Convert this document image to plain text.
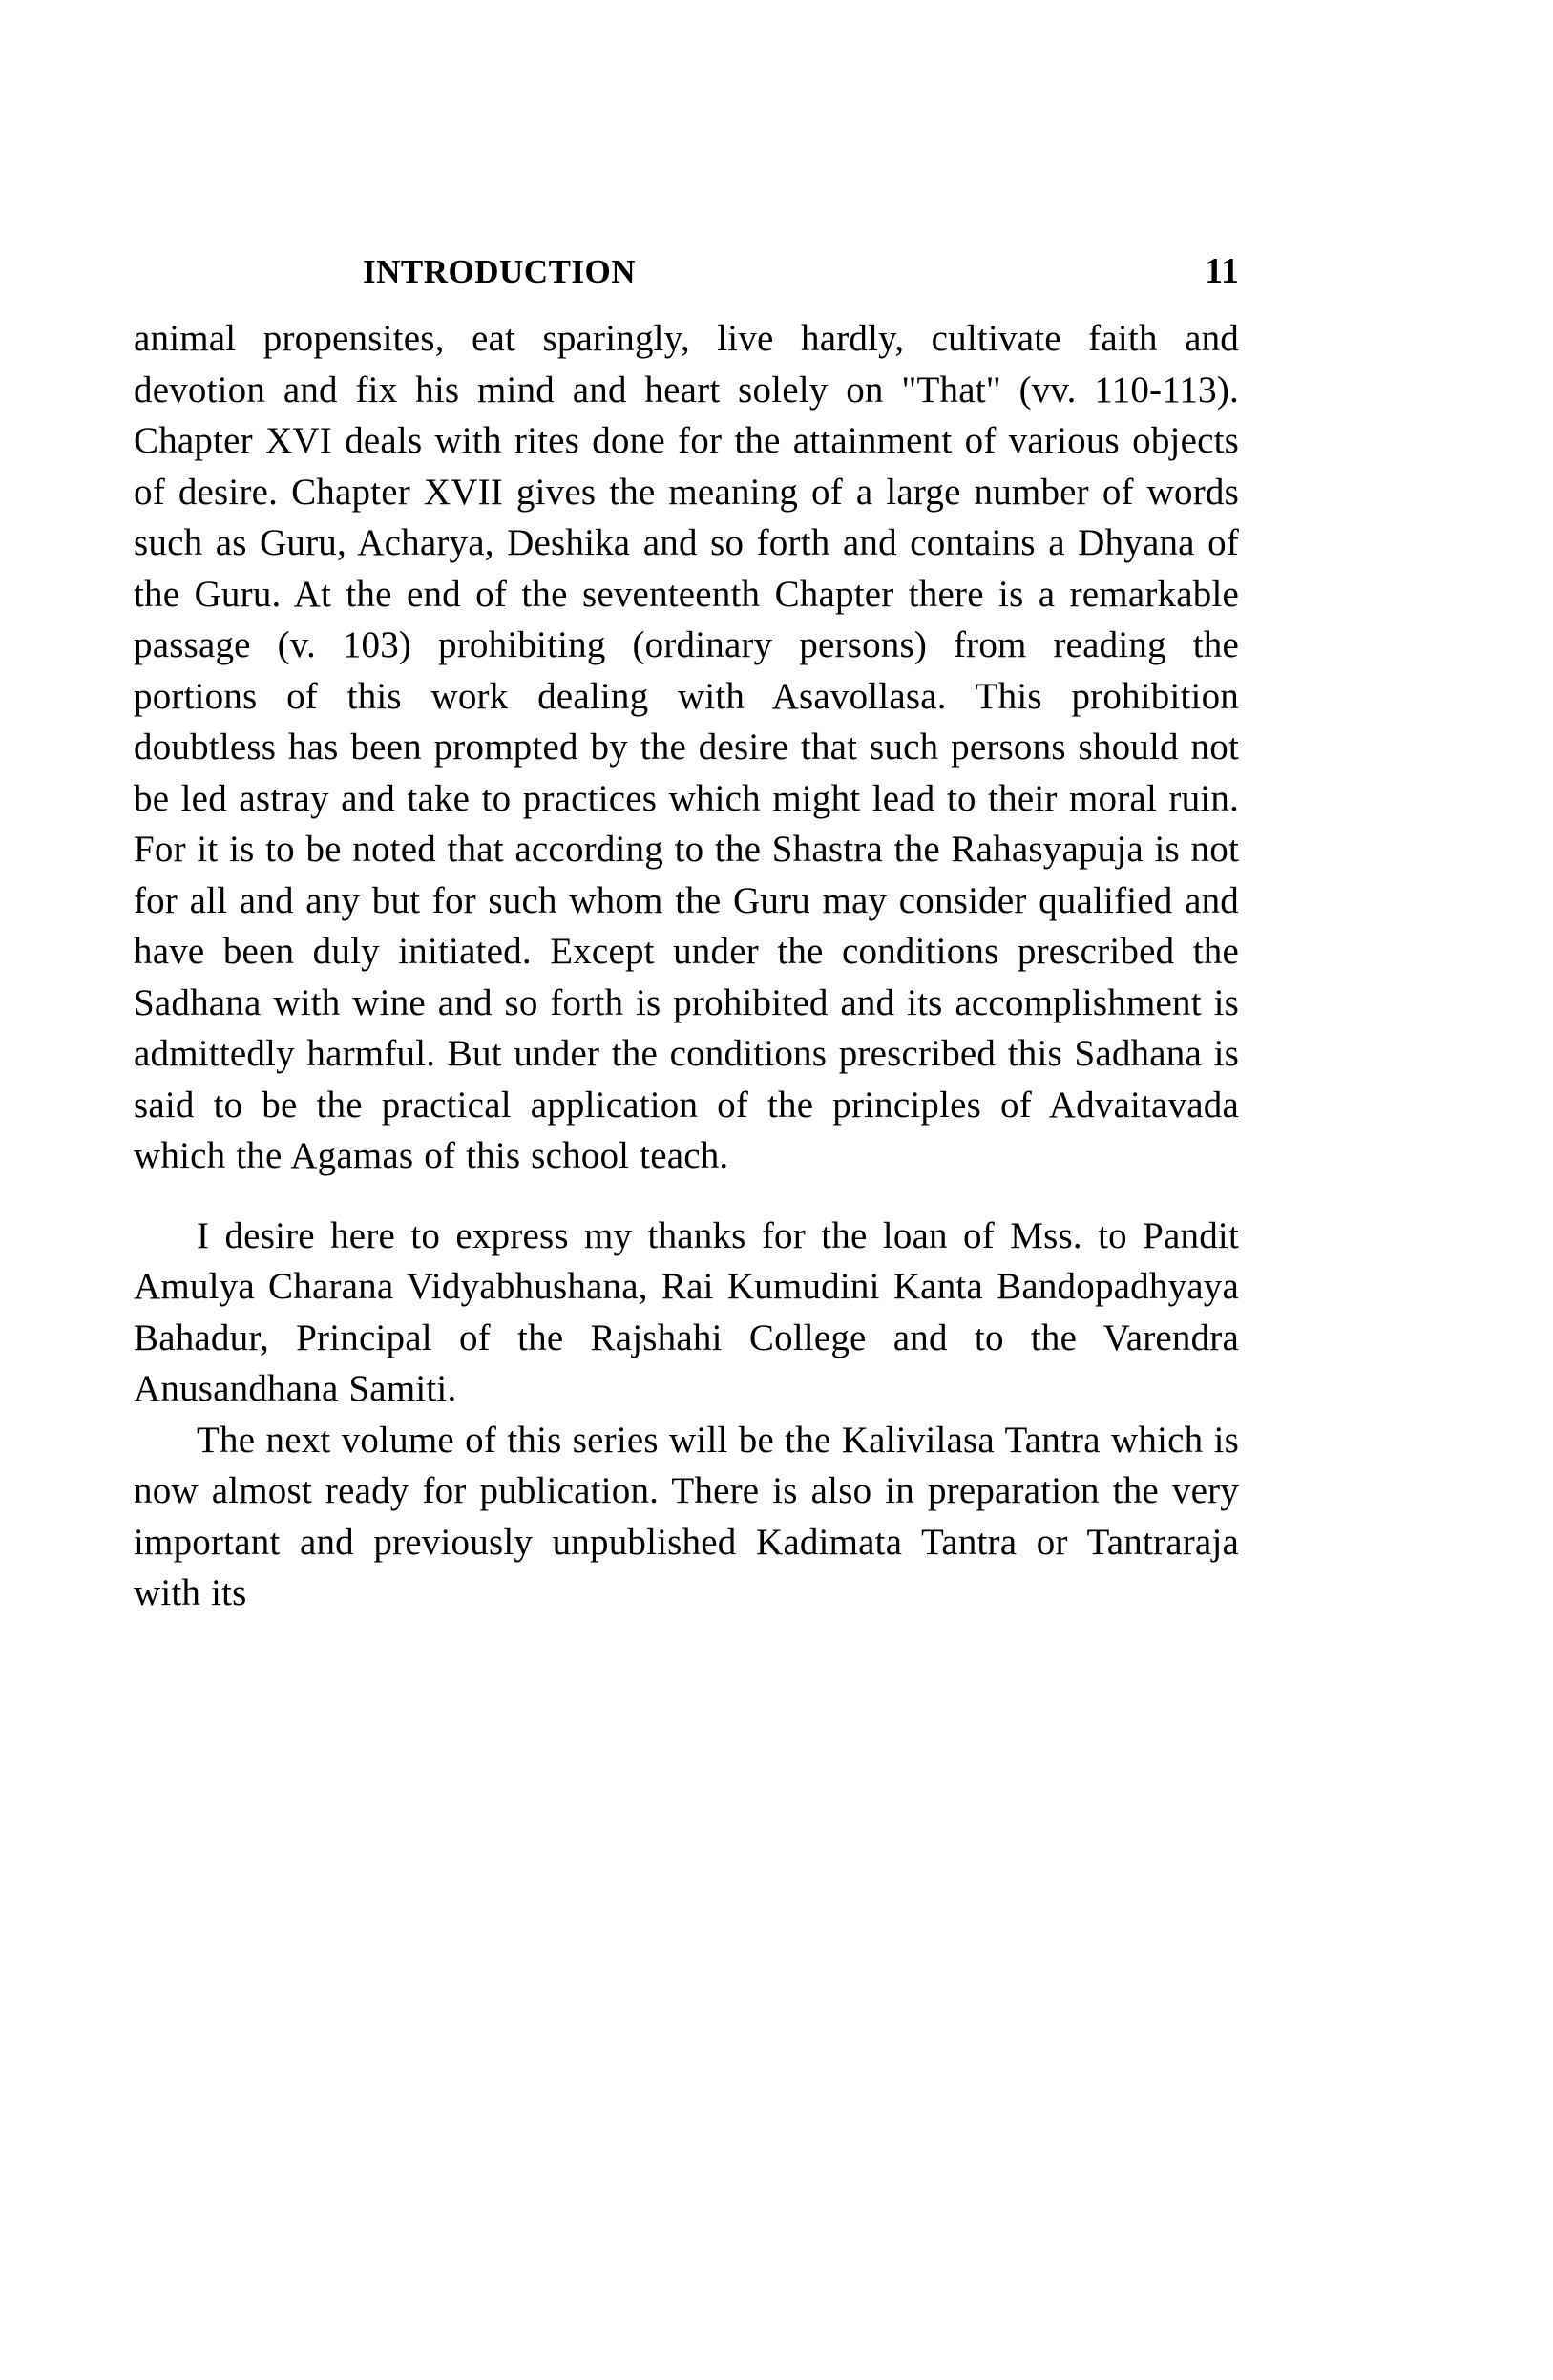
INTRODUCTION	11

animal propensites, eat sparingly, live hardly, cultivate faith and devotion and fix his mind and heart solely on "That" (vv. 110-113). Chapter XVI deals with rites done for the attainment of various objects of desire. Chapter XVII gives the meaning of a large number of words such as Guru, Acharya, Deshika and so forth and contains a Dhyana of the Guru. At the end of the seventeenth Chapter there is a remarkable passage (v. 103) prohibiting (ordinary persons) from reading the portions of this work dealing with Asavollasa. This prohibition doubtless has been prompted by the desire that such persons should not be led astray and take to practices which might lead to their moral ruin. For it is to be noted that according to the Shastra the Rahasyapuja is not for all and any but for such whom the Guru may consider qualified and have been duly initiated. Except under the conditions prescribed the Sadhana with wine and so forth is prohibited and its accomplishment is admittedly harmful. But under the conditions prescribed this Sadhana is said to be the practical application of the principles of Advaitavada which the Agamas of this school teach.

I desire here to express my thanks for the loan of Mss. to Pandit Amulya Charana Vidyabhushana, Rai Kumudini Kanta Bandopadhyaya Bahadur, Principal of the Rajshahi College and to the Varendra Anusandhana Samiti.

The next volume of this series will be the Kalivilasa Tantra which is now almost ready for publication. There is also in preparation the very important and previously unpublished Kadimata Tantra or Tantraraja with its
